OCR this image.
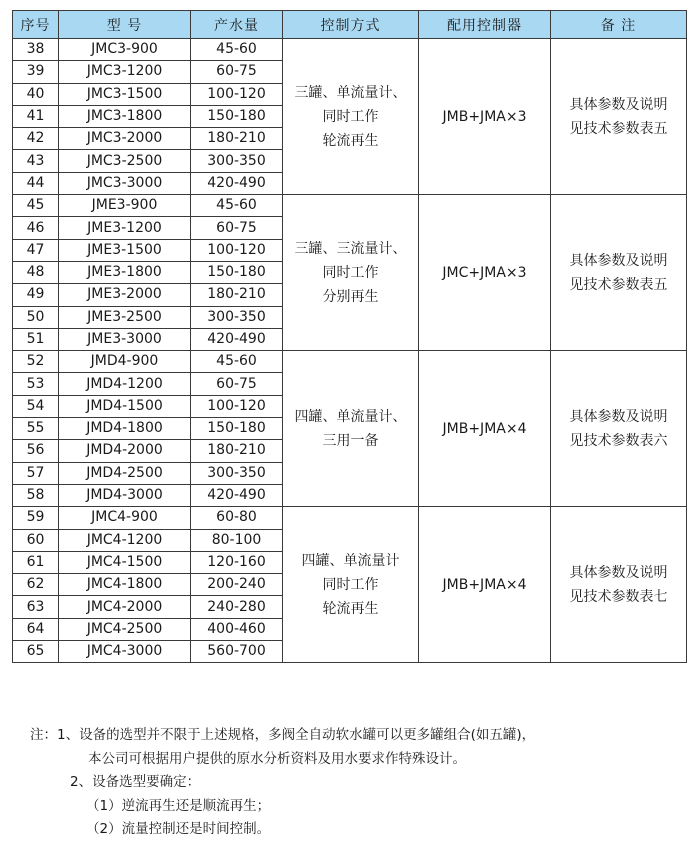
序号	型 号	产水量	控制方式	配用控制器	备 注
38	JMC3-900	45-60	三罐、单流量计、
同时工作
轮流再生	JMB+JMA×3	具体参数及说明
见技术参数表五

39	JMC3-1200	60-75			
40	JMC3-1500	100-120			
41	JMC3-1800	150-180			
42	JMC3-2000	180-210			
43	JMC3-2500	300-350			
44	JMC3-3000	420-490			
45	JME3-900	45-60	三罐、三流量计、
同时工作
分别再生	JMC+JMA×3	具体参数及说明
见技术参数表五

46	JME3-1200	60-75			
47	JME3-1500	100-120			
48	JME3-1800	150-180			
49	JME3-2000	180-210			
50	JME3-2500	300-350			
51	JME3-3000	420-490			
52	JMD4-900	45-60	四罐、单流量计、
三用一备	JMB+JMA×4	具体参数及说明
见技术参数表六

53	JMD4-1200	60-75			
54	JMD4-1500	100-120			
55	JMD4-1800	150-180			
56	JMD4-2000	180-210			
57	JMD4-2500	300-350			
58	JMD4-3000	420-490			
59	JMC4-900	60-80	四罐、单流量计
同时工作
轮流再生	JMB+JMA×4	具体参数及说明
见技术参数表七

60	JMC4-1200	80-100			
61	JMC4-1500	120-160			
62	JMC4-1800	200-240			
63	JMC4-2000	240-280			
64	JMC4-2500	400-460			
65	JMC4-3000	560-700			
注：1、设备的选型并不限于上述规格，多阀全自动软水罐可以更多罐组合(如五罐)，
本公司可根据用户提供的原水分析资料及用水要求作特殊设计。
2、设备选型要确定：
（1）逆流再生还是顺流再生；
（2）流量控制还是时间控制。
